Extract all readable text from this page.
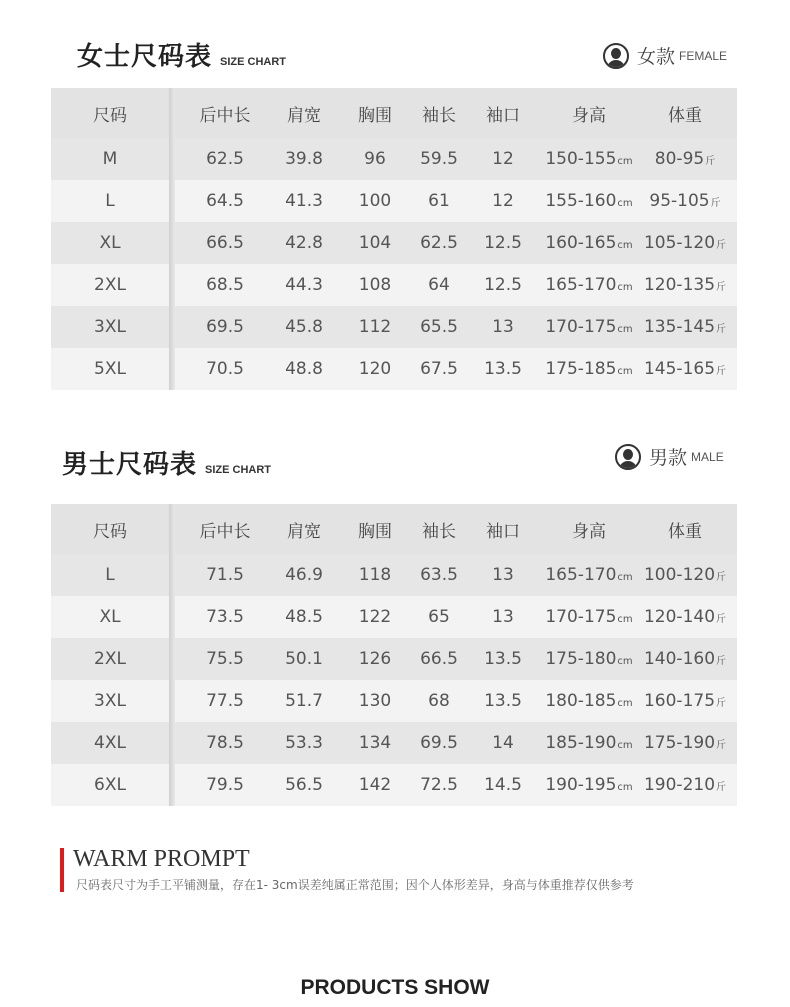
女士尺码表 SIZE CHART	女款 FEMALE
尺码	后中长	肩宽	胸围	袖长	袖口	身高	体重
M	62.5	39.8	96	59.5	12	150-155cm	80-95斤
L	64.5	41.3	100	61	12	155-160cm 95-105斤
XL	66.5	42.8	104	62.5	12.5	160-165cm 105-120斤
2XL	68.5	44.3	108	64	12.5	165-170cm 120-135斤
3XL	69.5	45.8	112	65.5	13	170-175cm 135-145斤
5XL	70.5	48.8	120	67.5	13.5	175-185cm 145-165斤
男士尺码表 SIZE CHART
男款 MALE
尺码	后中长	肩宽	胸围	袖长	袖口	身高	体重
L	71.5	46.9	118	63.5	13	165-170cm 100-120斤
XL	73.5	48.5	122	65	13	170-175cm 120-140斤
2XL	75.5	50.1	126	66.5	13.5	175-180cm 140-160斤
3XL	77.5	51.7	130	68	13.5	180-185cm 160-175斤
4XL	78.5	53.3	134	69.5	14	185-190cm 175-190斤
6XL	79.5	56.5	142	72.5	14.5	190-195cm 190-210斤
WARM PROMPT
尺码表尺寸为手工平铺测量，存在1- 3cm误差纯属正常范围；因个人体形差异，身高与体重推荐仅供参考
PRODUCTS SHOW
